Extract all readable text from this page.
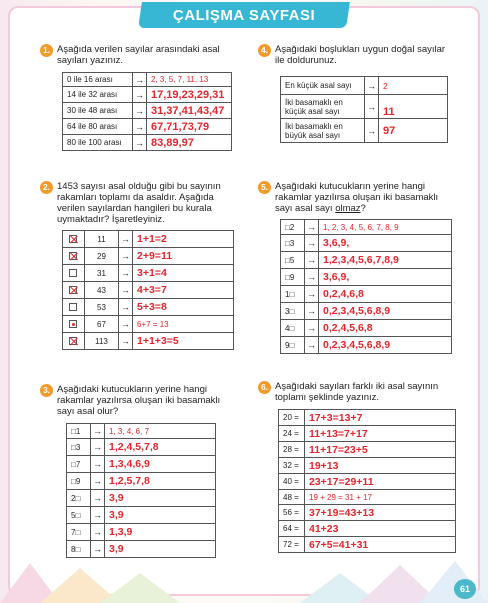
ÇALIŞMA SAYFASI
1. Aşağıda verilen sayılar arasındaki asal
sayıları yazınız.
0 ile 16 arası	→	2, 3, 5, 7, 11, 13
14 ile 32 arası	→	17,19,23,29,31
30 ile 48 arası	→	31,37,41,43,47
64 ile 80 arası	→	67,71,73,79
80 ile 100 arası	→	83,89,97
4. Aşağıdaki boşlukları uygun doğal sayılar
ile doldurunuz.
En küçük asal sayı	→	2
İki basamaklı en
küçük asal sayı	→	11
İki basamaklı en
büyük asal sayı	→	97
2. 1453 sayısı asal olduğu gibi bu sayının
rakamları toplamı da asaldır. Aşağıda
verilen sayılardan hangileri bu kurala
uymaktadır? İşaretleyiniz.
	11	→	1+1=2
	29	→	2+9=11
	31	→	3+1=4
	43	→	4+3=7
	53	→	5+3=8
	67	→	6+7 = 13
	113	→	1+1+3=5
5. Aşağıdaki kutucukların yerine hangi
rakamlar yazılırsa oluşan iki basamaklı
sayı asal sayı olmaz?
□2	→	1, 2, 3, 4, 5, 6, 7, 8, 9
□3	→	3,6,9,
□5	→	1,2,3,4,5,6,7,8,9
□9	→	3,6,9,
1□	→	0,2,4,6,8
3□	→	0,2,3,4,5,6,8,9
4□	→	0,2,4,5,6,8
9□	→	0,2,3,4,5,6,8,9
3. Aşağıdaki kutucukların yerine hangi
rakamlar yazılırsa oluşan iki basamaklı
sayı asal olur?
□1	→	1, 3, 4, 6, 7
□3	→	1,2,4,5,7,8
□7	→	1,3,4,6,9
□9	→	1,2,5,7,8
2□	→	3,9
5□	→	3,9
7□	→	1,3,9
8□	→	3,9
6. Aşağıdaki sayıları farklı iki asal sayının
toplamı şeklinde yazınız.
20 =	17+3=13+7
24 =	11+13=7+17
28 =	11+17=23+5
32 =	19+13
40 =	23+17=29+11
48 =	19 + 29 = 31 + 17
56 =	37+19=43+13
64 =	41+23
72 =	67+5=41+31
61
